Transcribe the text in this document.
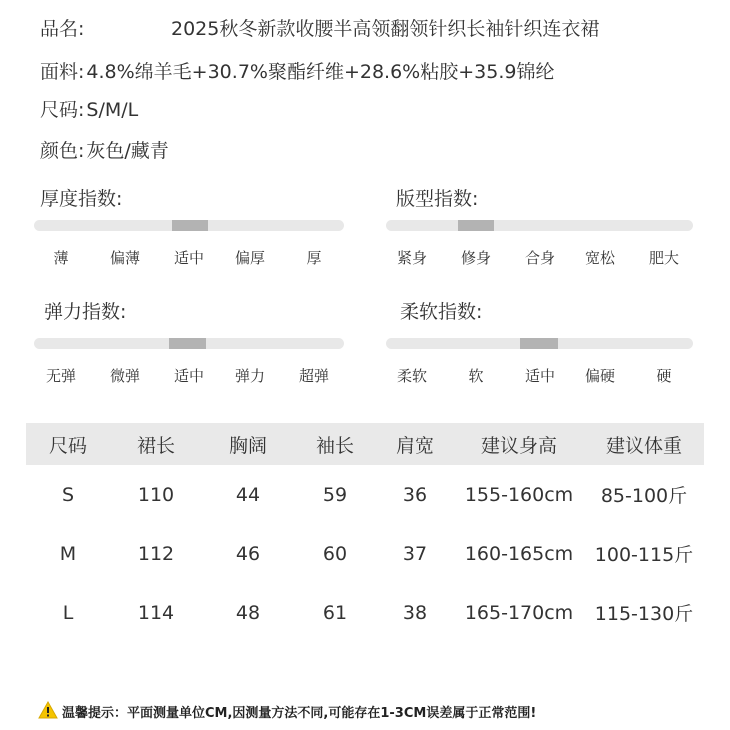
品名:	2025秋冬新款收腰半高领翻领针织长袖针织连衣裙
面料: 4.8%绵羊毛+30.7%聚酯纤维+28.6%粘胶+35.9锦纶
尺码: S/M/L
颜色: 灰色/藏青
厚度指数:
薄	偏薄 适中 偏厚	厚
版型指数:
紧身 修身 合身 宽松 肥大
弹力指数:
无弹 微弹 适中 弹力 超弹
柔软指数:
柔软	软	适中 偏硬	硬
尺码	裙长	胸阔	袖长	肩宽	建议身高	建议体重
S	110	44	59	36	155-160cm	85-100斤
M	112	46	60	37	160-165cm	100-115斤
L	114	48	61	38	165-170cm	115-130斤
温馨提示：平面测量单位CM,因测量方法不同,可能存在1-3CM误差属于正常范围!
